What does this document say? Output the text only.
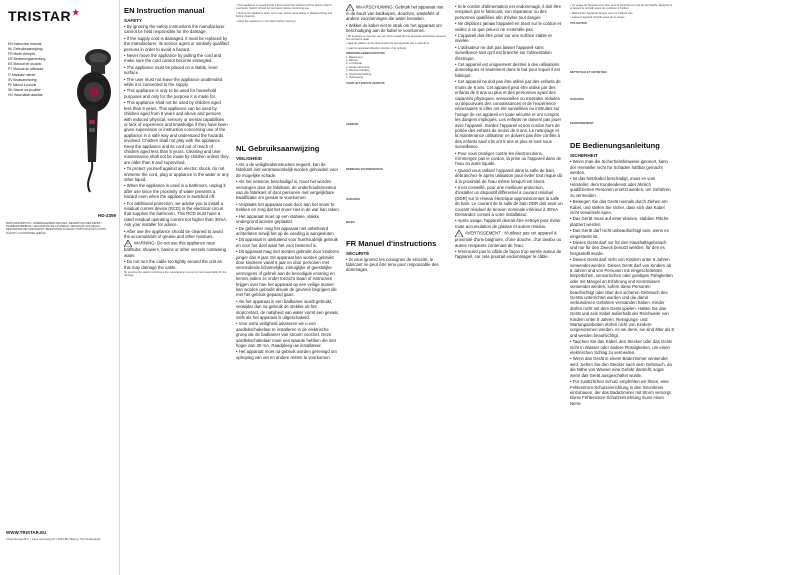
TRISTAR★
EN Instruction manual
NL Gebruiksaanwijzing
FR Mode d'emploi
DE Bedienungsanleitung
ES Manual de usuario
PT Manual de utilizador
IT Manuale utente
SV Bruksanvisning
PL Návod k použití
SK Návod na použitie
HU Használati utasítás
HD-2359
PARTS DESCRIPTION / ONDERDELENBESCHRIJVING / DESCRIPTION DES PIÈCES / TEILEBESCHREIBUNG / DESCRIPCIÓN DE LAS PIEZAS / DESCRIÇÃO DAS PEÇAS / DESCRIZIONE DEI COMPONENTI / BESKRIVNING AV DELAR / POPIS SOUČÁSTÍ / POPIS SÚČASTÍ / ALKATRÉSZEK LEÍRÁSA
WWW.TRISTAR.EU
Tristar Europe B.V. | Jules Verneweg 87 | 5015 BH Tilburg | The Netherlands
EN Instruction manual
SAFETY

• By ignoring the safety instructions the manufacturer cannot be held responsible for the damage.

• If the supply cord is damaged, it must be replaced by the manufacturer, its service agent or similarly qualified persons in order to avoid a hazard.

• Never move the appliance by pulling the cord and make sure the cord cannot become entangled.

• The appliance must be placed on a stable, level surface.

• The user must not leave the appliance unattended while it is connected to the supply.

• This appliance is only to be used for household purposes and only for the purpose it is made for.

• This appliance shall not be used by children aged less than 8 years. This appliance can be used by children aged from 8 years and above and persons with reduced physical, sensory or mental capabilities or lack of experience and knowledge if they have been given supervision or instruction concerning use of the appliance in a safe way and understand the hazards involved. Children shall not play with the appliance. Keep the appliance and its cord out of reach of children aged less than 8 years. Cleaning and user maintenance shall not be made by children unless they are older than 8 and supervised.

• To protect yourself against an electric shock, do not immerse the cord, plug or appliance in the water or any other liquid.

• When the appliance is used in a bathroom, unplug it after use since the proximity of water presents a hazard even when the appliance is switched off.

• For additional protection, we advise you to install a residual current device (RCD) in the electrical circuit that supplies the bathroom. This RCD must have a rated residual operating current not higher than 30mA. Ask your installer for advice.

• After use the appliance should be cleaned to avoid the accumulation of grease and other residues.

!
WARNING: Do not use this appliance near bathtubs, showers, basins or other vessels containing water.

• Do not turn the cable too tightly around the unit as this may damage the cable.

By ignoring the safety instructions the manufacturer cannot be held responsible for the damage.

• This appliance is supplied with a thermostat that switches off the device when it overheats. Switch off and let cool down before continuing use.

• Unplug the appliance when not in use, before assembling or disassembling and before cleaning.

• Allow the appliance to cool down before storing it.

NL Gebruiksaanwijzing
VEILIGHEID

• Als u de veiligheidsinstructies negeert, kan de fabrikant niet verantwoordelijk worden gehouden voor de mogelijke schade.

• Als het netsnoer beschadigd is, moet het worden vervangen door de fabrikant, de onderhoudsmonteur van de fabrikant of door personen met vergelijkbare kwalificatie om gevaar te voorkomen.

• Verplaats het apparaat nooit door aan het snoer te trekken en zorg dat het snoer niet in de war kan raken.

• Het apparaat moet op een stabiele, vlakke ondergrond worden geplaatst.

• De gebruiker mag het apparaat niet onbeheerd achterlaten terwijl het op de voeding is aangesloten.

• Dit apparaat is uitsluitend voor huishoudelijk gebruik en voor het doel waar het voor bestemd is.

• Dit apparaat mag niet worden gebruikt door kinderen jonger dan 8 jaar. Dit apparaat kan worden gebruikt door kinderen vanaf 8 jaar en door personen met verminderde lichamelijke, zintuiglijke of geestelijke vermogens of gebrek aan de benodigde ervaring en kennis indien ze onder toezicht staan of instructies krijgen over hoe het apparaat op een veilige manier kan worden gebruikt alsook de gevaren begrijpen die met het gebruik gepaard gaan.

• Als het apparaat in een badkamer wordt gebruikt, verwijder dan na gebruik de stekker uit het stopcontact, de nabijheid van water vormt een gevaar, zelfs als het apparaat is uitgeschakeld.

• Voor extra veiligheid adviseren we u een aardlekschakelaar te installeren in de elektrische groep die de badkamer van stroom voorziet. Deze aardlekschakelaar moet een waarde hebben die niet hoger dan 30 mA. Raadpleeg uw installateur.

• Het apparaat moet na gebruik worden gereinigd om ophoping van vet en andere resten te voorkomen.

!
WAARSCHUWING: Gebruik het apparaat niet in de buurt van badkuipen, douches, wastafels of andere voorzieningen die water bevatten.

• Wikkel de kabel niet te strak om het apparaat om beschadiging aan de kabel te voorkomen.

• Dit apparaat is voorzien van een thermostaat die het apparaat uitschakelt wanneer het oververhit raakt.

• Haal de stekker uit het stopcontact als het apparaat niet in gebruik is.

• Laat het apparaat afkoelen voordat u het opbergt.

ONDERDELENBESCHRIJVING
1. Blaasmond
2. Diffusor
3. Luchtinlaat
4. Koude stoot knop
5. Warmte-instelling
6. Snelheidsinstelling
7. Ophangoog
VOOR HET EERSTE GEBRUIK
GEBRUIK
REINIGING EN ONDERHOUD
GARANTIE
MILIEU
FR Manuel d'instructions
SÉCURITÉ

• Si vous ignorez les consignes de sécurité, le fabricant ne peut être tenu pour responsable des dommages.

• Si le cordon d'alimentation est endommagé, il doit être remplacé par le fabricant, son réparateur ou des personnes qualifiées afin d'éviter tout danger.

• Ne déplacez jamais l'appareil en tirant sur le cordon et veillez à ce que celui-ci ne s'emmêle pas.

• L'appareil doit être posé sur une surface stable et nivelée.

• L'utilisateur ne doit pas laisser l'appareil sans surveillance tant qu'il est branché sur l'alimentation électrique.

• Cet appareil est uniquement destiné à des utilisations domestiques et seulement dans le but pour lequel il est fabriqué.

• Cet appareil ne doit pas être utilisé par des enfants de moins de 8 ans. Cet appareil peut être utilisé par des enfants de 8 ans ou plus et des personnes ayant des capacités physiques, sensorielles ou mentales réduites ou dépourvues des connaissances et de l'expérience nécessaires si elles ont été surveillées ou instruites sur l'usage de cet appareil en toute sécurité et ont compris les dangers impliqués. Les enfants ne doivent pas jouer avec l'appareil. Gardez l'appareil et son cordon hors de portée des enfants de moins de 8 ans. Le nettoyage et la maintenance utilisateur ne doivent pas être confiés à des enfants sauf s'ils ont 8 ans et plus et sont sous surveillance.

• Pour vous protéger contre les électrocutions, n'immergez pas le cordon, la prise ou l'appareil dans de l'eau ou autre liquide.

• Quand vous utilisez l'appareil dans la salle de bain, débranchez-le après utilisation pour éviter tout risque dû à la proximité de l'eau même lorsqu'il est éteint.

• Il est conseillé, pour une meilleure protection, d'installer un dispositif différentiel à courant résiduel (DDR) sur le réseau électrique approvisionnant la salle de bain. Le courant de la salle de bain DDR doit avoir un courant résiduel de tension nominale inférieur à 30mA. Demandez conseil à votre installateur.

• Après usage, l'appareil devrait être nettoyé pour éviter toute accumulation de graisse et autres résidus.

!
AVERTISSEMENT : N'utilisez pas cet appareil à proximité d'une baignoire, d'une douche, d'un lavabo ou autres récipients contenant de l'eau.

• N'enroulez pas le câble de façon trop serrée autour de l'appareil, car cela pourrait endommager le câble.

• Un usage de l'appareil est prévu pour la protection en cas de surchauffe. Éteignez-le et laissez-le refroidir avant de continuer à l'utiliser.

• Débranchez l'appareil lorsque vous ne l'utilisez pas.

• Laissez l'appareil refroidir avant de le ranger.

UTILISATION
NETTOYAGE ET ENTRETIEN
GARANTIE
ENVIRONNEMENT
DE Bedienungsanleitung
SICHERHEIT

• Wenn man die Sicherheitshinweise ignoriert, kann der Hersteller nicht für Schäden haftbar gemacht werden.

• Ist das Netzkabel beschädigt, muss es vom Hersteller, dem Kundendienst oder ähnlich qualifizierten Personen ersetzt werden, um Gefahren zu vermeiden.

• Bewegen Sie das Gerät niemals durch Ziehen am Kabel, und stellen Sie sicher, dass sich das Kabel nicht verwickeln kann.

• Das Gerät muss auf einer ebenen, stabilen Fläche platziert werden.

• Das Gerät darf nicht unbeaufsichtigt sein, wenn es eingesteckt ist.

• Dieses Gerät darf nur für den Haushaltsgebrauch und nur für den Zweck benutzt werden, für den es hergestellt wurde.

• Dieses Gerät darf nicht von Kindern unter 8 Jahren verwendet werden. Dieses Gerät darf von Kindern ab 8 Jahren und von Personen mit eingeschränkten körperlichen, sensorischen oder geistigen Fähigkeiten oder mit Mangel an Erfahrung und Kenntnissen verwendet werden, sofern diese Personen beaufsichtigt oder über den sicheren Gebrauch des Geräts unterrichtet wurden und die damit verbundenen Gefahren verstanden haben. Kinder dürfen nicht mit dem Gerät spielen. Halten Sie das Gerät und sein Kabel außerhalb der Reichweite von Kindern unter 8 Jahren. Reinigungs- und Wartungsarbeiten dürfen nicht von Kindern vorgenommen werden, es sei denn, sie sind älter als 8 und werden beaufsichtigt.

• Tauchen Sie das Kabel, den Stecker oder das Gerät nicht in Wasser oder andere Flüssigkeiten, um einen elektrischen Schlag zu vermeiden.

• Wenn das Gerät in einem Badezimmer verwendet wird, ziehen Sie den Stecker nach dem Gebrauch, da die Nähe von Wasser eine Gefahr darstellt, sogar wenn das Gerät ausgeschaltet wurde.

• Für zusätzlichen Schutz empfehlen wir Ihnen, eine Fehlerstrom-Schutzeinrichtung in den Stromkreis einzubauen, der das Badezimmer mit Strom versorgt. Diese Fehlerstrom-Schutzeinrichtung muss einen Nenn-
